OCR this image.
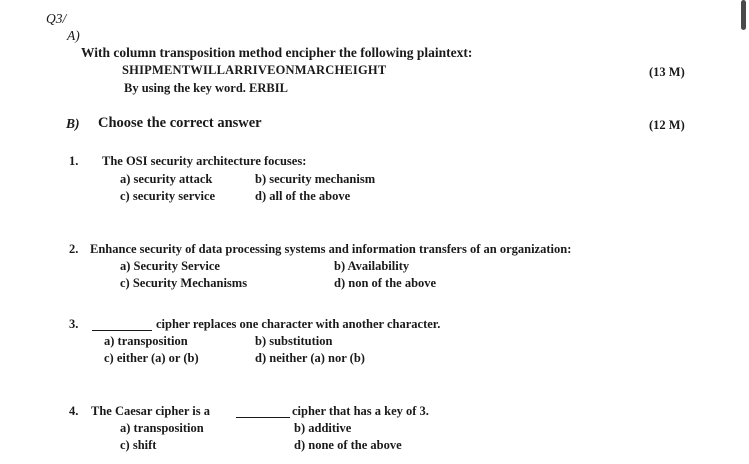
Q3/
A)
With column transposition method encipher the following plaintext:
SHIPMENTWILLARRIVEONMARCHEIGHT	(13 M)
By using the key word. ERBIL
B) Choose the correct answer	(12 M)
1. The OSI security architecture focuses:
a) security attack	b) security mechanism
c) security service	d) all of the above
2. Enhance security of data processing systems and information transfers of an organization:
a) Security Service	b) Availability
c) Security Mechanisms	d) non of the above
3.	cipher replaces one character with another character.
a) transposition	b) substitution
c) either (a) or (b)	d) neither (a) nor (b)
4. The Caesar cipher is a	cipher that has a key of 3.
a) transposition	b) additive
c) shift	d) none of the above
